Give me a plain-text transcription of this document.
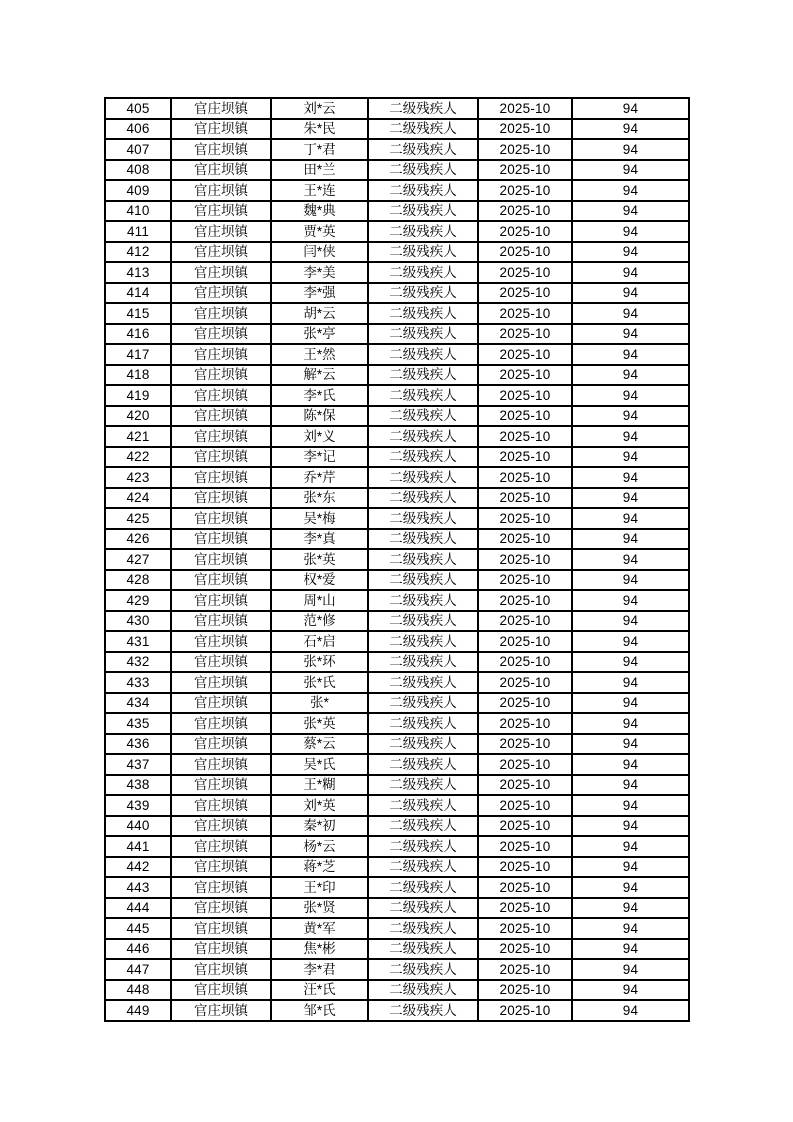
405	官庄坝镇	刘*云	二级残疾人	2025-10	94
406	官庄坝镇	朱*民	二级残疾人	2025-10	94
407	官庄坝镇	丁*君	二级残疾人	2025-10	94
408	官庄坝镇	田*兰	二级残疾人	2025-10	94
409	官庄坝镇	王*连	二级残疾人	2025-10	94
410	官庄坝镇	魏*典	二级残疾人	2025-10	94
411	官庄坝镇	贾*英	二级残疾人	2025-10	94
412	官庄坝镇	闫*侠	二级残疾人	2025-10	94
413	官庄坝镇	李*美	二级残疾人	2025-10	94
414	官庄坝镇	李*强	二级残疾人	2025-10	94
415	官庄坝镇	胡*云	二级残疾人	2025-10	94
416	官庄坝镇	张*亭	二级残疾人	2025-10	94
417	官庄坝镇	王*然	二级残疾人	2025-10	94
418	官庄坝镇	解*云	二级残疾人	2025-10	94
419	官庄坝镇	李*氏	二级残疾人	2025-10	94
420	官庄坝镇	陈*保	二级残疾人	2025-10	94
421	官庄坝镇	刘*义	二级残疾人	2025-10	94
422	官庄坝镇	李*记	二级残疾人	2025-10	94
423	官庄坝镇	乔*芹	二级残疾人	2025-10	94
424	官庄坝镇	张*东	二级残疾人	2025-10	94
425	官庄坝镇	吴*梅	二级残疾人	2025-10	94
426	官庄坝镇	李*真	二级残疾人	2025-10	94
427	官庄坝镇	张*英	二级残疾人	2025-10	94
428	官庄坝镇	权*爱	二级残疾人	2025-10	94
429	官庄坝镇	周*山	二级残疾人	2025-10	94
430	官庄坝镇	范*修	二级残疾人	2025-10	94
431	官庄坝镇	石*启	二级残疾人	2025-10	94
432	官庄坝镇	张*环	二级残疾人	2025-10	94
433	官庄坝镇	张*氏	二级残疾人	2025-10	94
434	官庄坝镇	张*	二级残疾人	2025-10	94
435	官庄坝镇	张*英	二级残疾人	2025-10	94
436	官庄坝镇	蔡*云	二级残疾人	2025-10	94
437	官庄坝镇	吴*氏	二级残疾人	2025-10	94
438	官庄坝镇	王*糊	二级残疾人	2025-10	94
439	官庄坝镇	刘*英	二级残疾人	2025-10	94
440	官庄坝镇	秦*初	二级残疾人	2025-10	94
441	官庄坝镇	杨*云	二级残疾人	2025-10	94
442	官庄坝镇	蒋*芝	二级残疾人	2025-10	94
443	官庄坝镇	王*印	二级残疾人	2025-10	94
444	官庄坝镇	张*贤	二级残疾人	2025-10	94
445	官庄坝镇	黄*军	二级残疾人	2025-10	94
446	官庄坝镇	焦*彬	二级残疾人	2025-10	94
447	官庄坝镇	李*君	二级残疾人	2025-10	94
448	官庄坝镇	汪*氏	二级残疾人	2025-10	94
449	官庄坝镇	邹*氏	二级残疾人	2025-10	94
